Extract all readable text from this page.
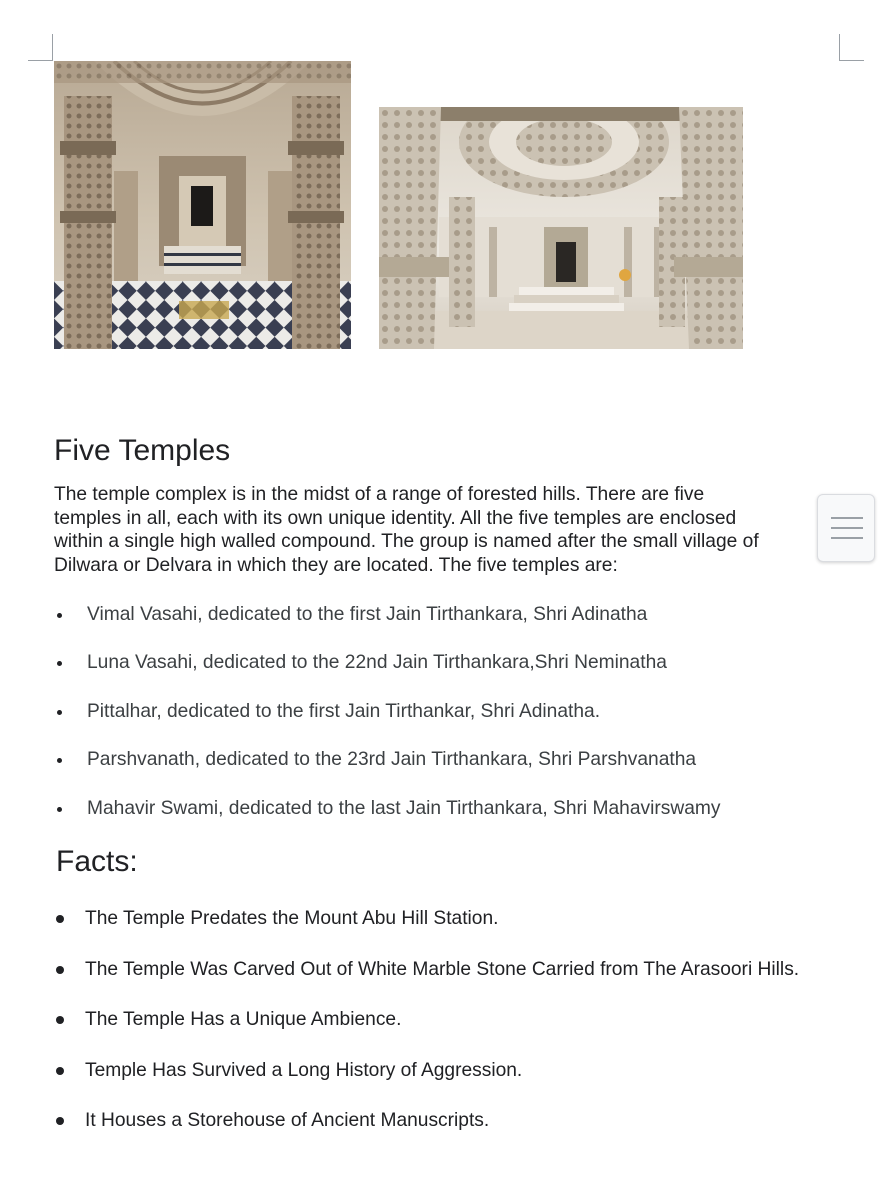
Five Temples

The temple complex is in the midst of a range of forested hills. There are five
temples in all, each with its own unique identity. All the five temples are enclosed
within a single high walled compound. The group is named after the small village of
Dilwara or Delvara in which they are located. The five temples are:

Vimal Vasahi, dedicated to the first Jain Tirthankara, Shri Adinatha
Luna Vasahi, dedicated to the 22nd Jain Tirthankara,Shri Neminatha
Pittalhar, dedicated to the first Jain Tirthankar, Shri Adinatha.
Parshvanath, dedicated to the 23rd Jain Tirthankara, Shri Parshvanatha
Mahavir Swami, dedicated to the last Jain Tirthankara, Shri Mahavirswamy
Facts:
The Temple Predates the Mount Abu Hill Station.
The Temple Was Carved Out of White Marble Stone Carried from The Arasoori Hills.
The Temple Has a Unique Ambience.
Temple Has Survived a Long History of Aggression.
It Houses a Storehouse of Ancient Manuscripts.
